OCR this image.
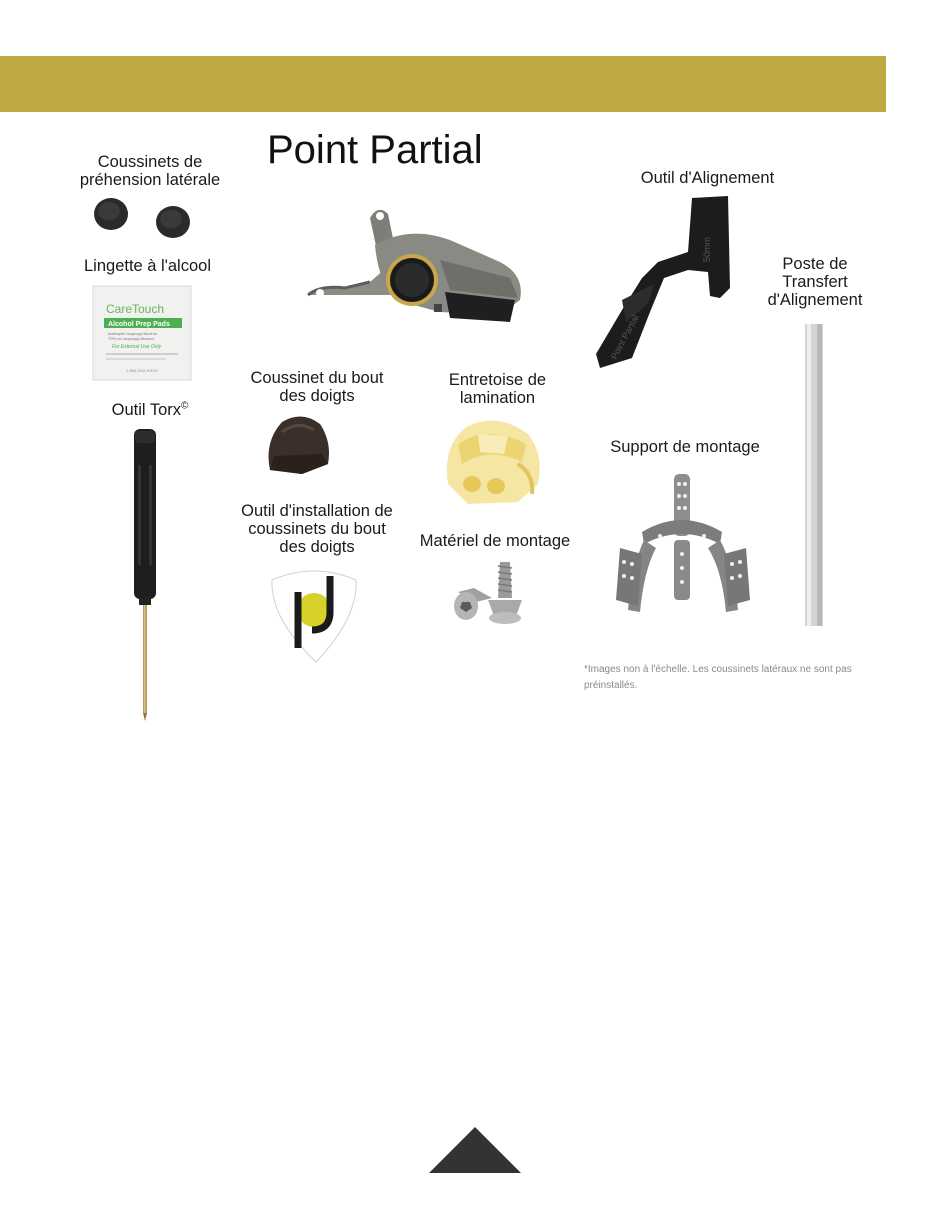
Point Partial
Coussinets de
préhension latérale
Lingette à l'alcool
CareTouch
Alcohol Prep Pads
Antiseptic Isopropyl Alcohol
70% v/v Isopropyl Alcohol
For External Use Only
1-800-XXX-XXXX
Outil Torx©
Coussinet du bout
des doigts
Outil d'installation de
coussinets du bout
des doigts
Entretoise de
lamination
Matériel de montage
Outil d'Alignement
50mm
Point Partial
Poste de
Transfert
d'Alignement
Support de montage
*Images non à l'échelle. Les coussinets latéraux ne sont pas
préinstallés.
